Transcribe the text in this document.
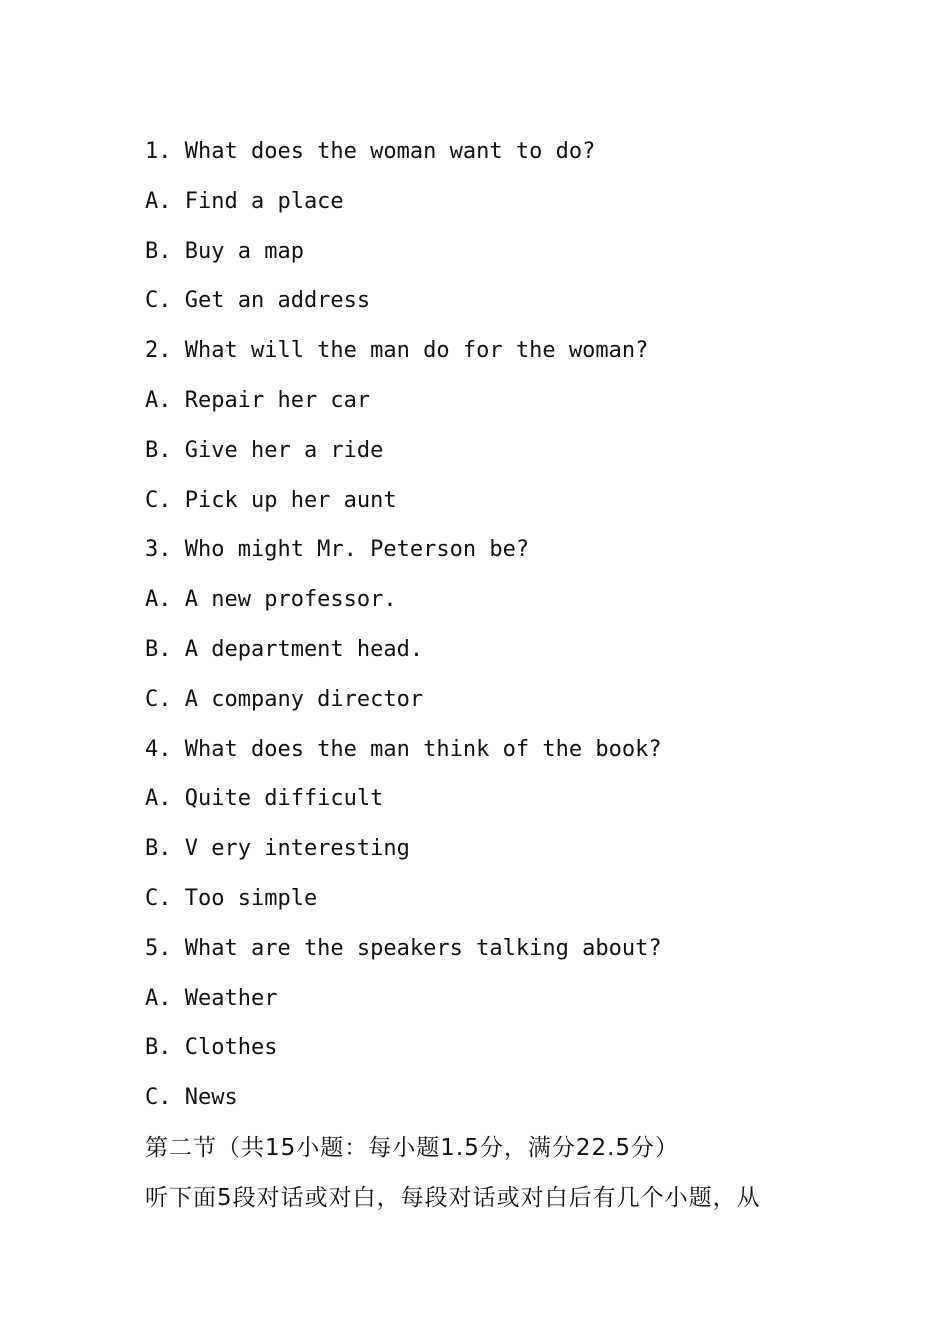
1. What does the woman want to do?
A. Find a place
B. Buy a map
C. Get an address
2. What will the man do for the woman?
A. Repair her car
B. Give her a ride
C. Pick up her aunt
3. Who might Mr. Peterson be?
A. A new professor.
B. A department head.
C. A company director
4. What does the man think of the book?
A. Quite difficult
B. V ery interesting
C. Too simple
5. What are the speakers talking about?
A. Weather
B. Clothes
C. News
第二节（共15小题：每小题1.5分，满分22.5分）
听下面5段对话或对白，每段对话或对白后有几个小题，从
